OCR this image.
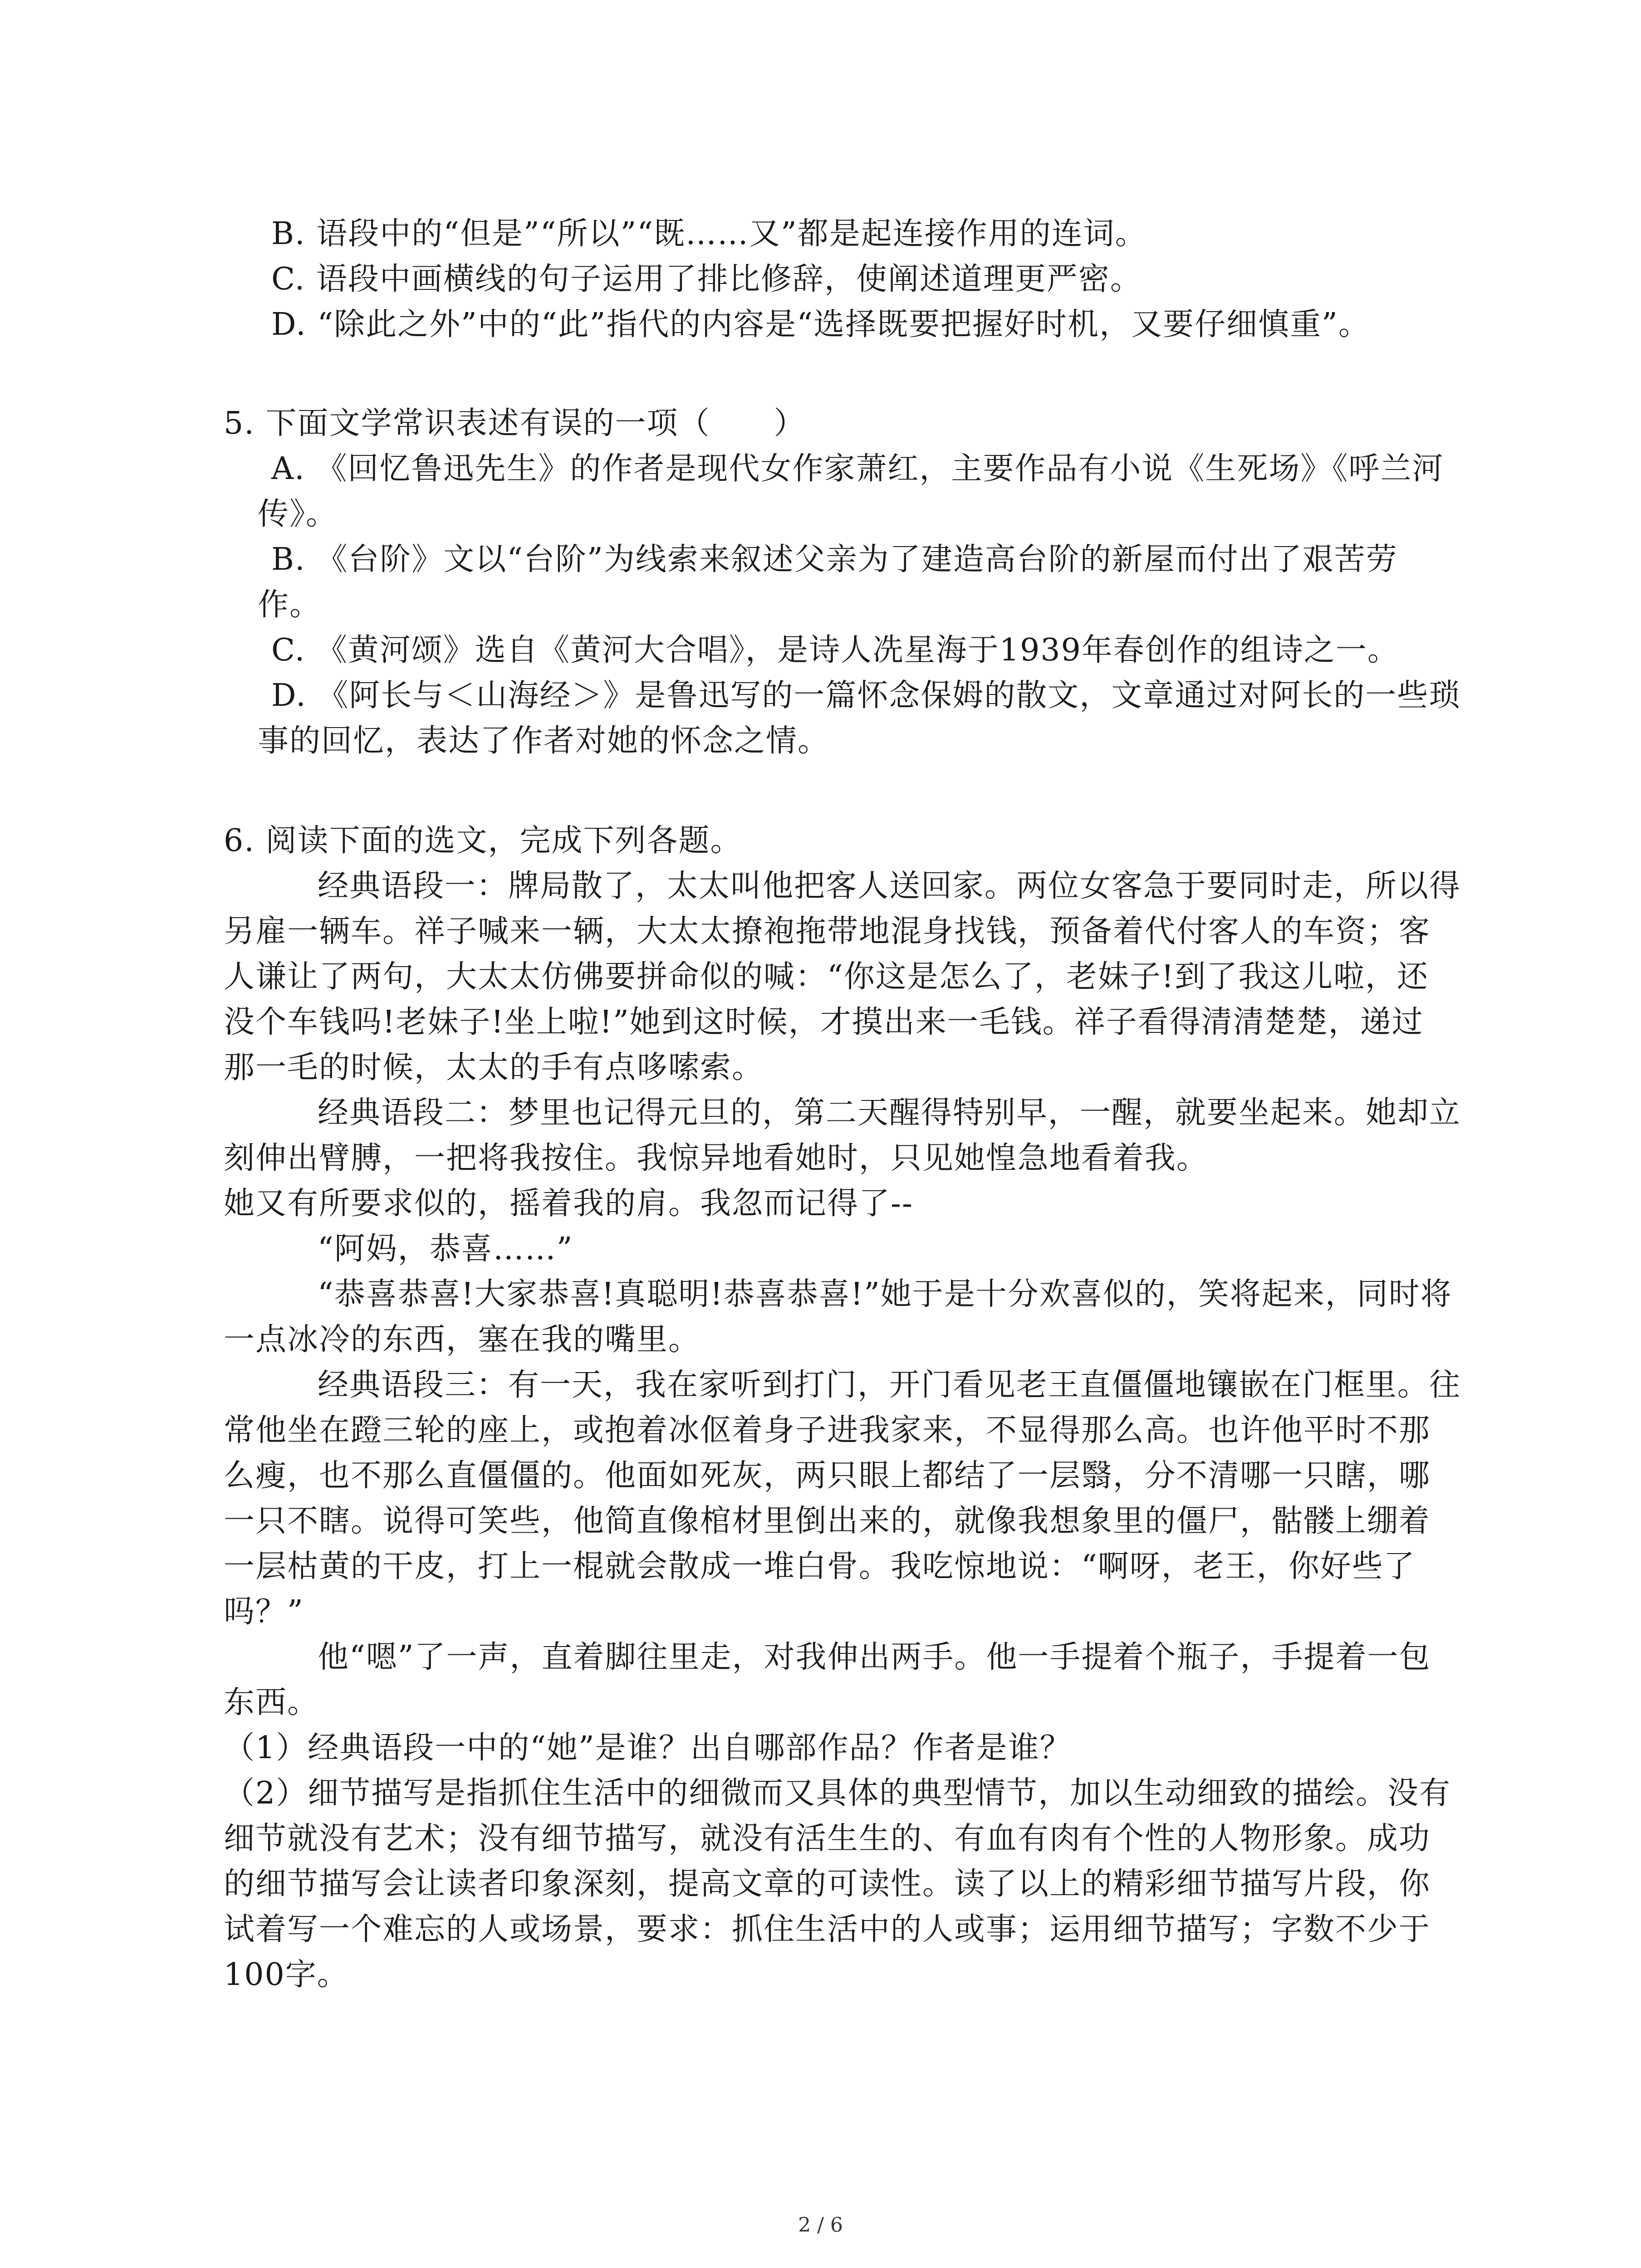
B. 语段中的“但是”“所以”“既……又”都是起连接作用的连词。

C. 语段中画横线的句子运用了排比修辞，使阐述道理更严密。

D. “除此之外”中的“此”指代的内容是“选择既要把握好时机，又要仔细慎重”。

5. 下面文学常识表述有误的一项（　　）

A. 《回忆鲁迅先生》的作者是现代女作家萧红，主要作品有小说《生死场》《呼兰河

传》。

B. 《台阶》文以“台阶”为线索来叙述父亲为了建造高台阶的新屋而付出了艰苦劳

作。

C. 《黄河颂》选自《黄河大合唱》，是诗人冼星海于1939年春创作的组诗之一。

D. 《阿长与＜山海经＞》是鲁迅写的一篇怀念保姆的散文，文章通过对阿长的一些琐

事的回忆，表达了作者对她的怀念之情。

6. 阅读下面的选文，完成下列各题。

经典语段一：牌局散了，太太叫他把客人送回家。两位女客急于要同时走，所以得

另雇一辆车。祥子喊来一辆，大太太撩袍拖带地混身找钱，预备着代付客人的车资；客

人谦让了两句，大太太仿佛要拼命似的喊：“你这是怎么了，老妹子!到了我这儿啦，还

没个车钱吗!老妹子!坐上啦!”她到这时候，才摸出来一毛钱。祥子看得清清楚楚，递过

那一毛的时候，太太的手有点哆嗦索。

经典语段二：梦里也记得元旦的，第二天醒得特别早，一醒，就要坐起来。她却立

刻伸出臂膊，一把将我按住。我惊异地看她时，只见她惶急地看着我。

她又有所要求似的，摇着我的肩。我忽而记得了--

“阿妈，恭喜……”

“恭喜恭喜!大家恭喜!真聪明!恭喜恭喜!”她于是十分欢喜似的，笑将起来，同时将

一点冰冷的东西，塞在我的嘴里。

经典语段三：有一天，我在家听到打门，开门看见老王直僵僵地镶嵌在门框里。往

常他坐在蹬三轮的座上，或抱着冰伛着身子进我家来，不显得那么高。也许他平时不那

么瘦，也不那么直僵僵的。他面如死灰，两只眼上都结了一层翳，分不清哪一只瞎，哪

一只不瞎。说得可笑些，他简直像棺材里倒出来的，就像我想象里的僵尸，骷髅上绷着

一层枯黄的干皮，打上一棍就会散成一堆白骨。我吃惊地说：“啊呀，老王，你好些了

吗？”

他“嗯”了一声，直着脚往里走，对我伸出两手。他一手提着个瓶子，手提着一包

东西。

（1）经典语段一中的“她”是谁？出自哪部作品？作者是谁？

（2）细节描写是指抓住生活中的细微而又具体的典型情节，加以生动细致的描绘。没有

细节就没有艺术；没有细节描写，就没有活生生的、有血有肉有个性的人物形象。成功

的细节描写会让读者印象深刻，提高文章的可读性。读了以上的精彩细节描写片段，你

试着写一个难忘的人或场景，要求：抓住生活中的人或事；运用细节描写；字数不少于

100字。

2 / 6
